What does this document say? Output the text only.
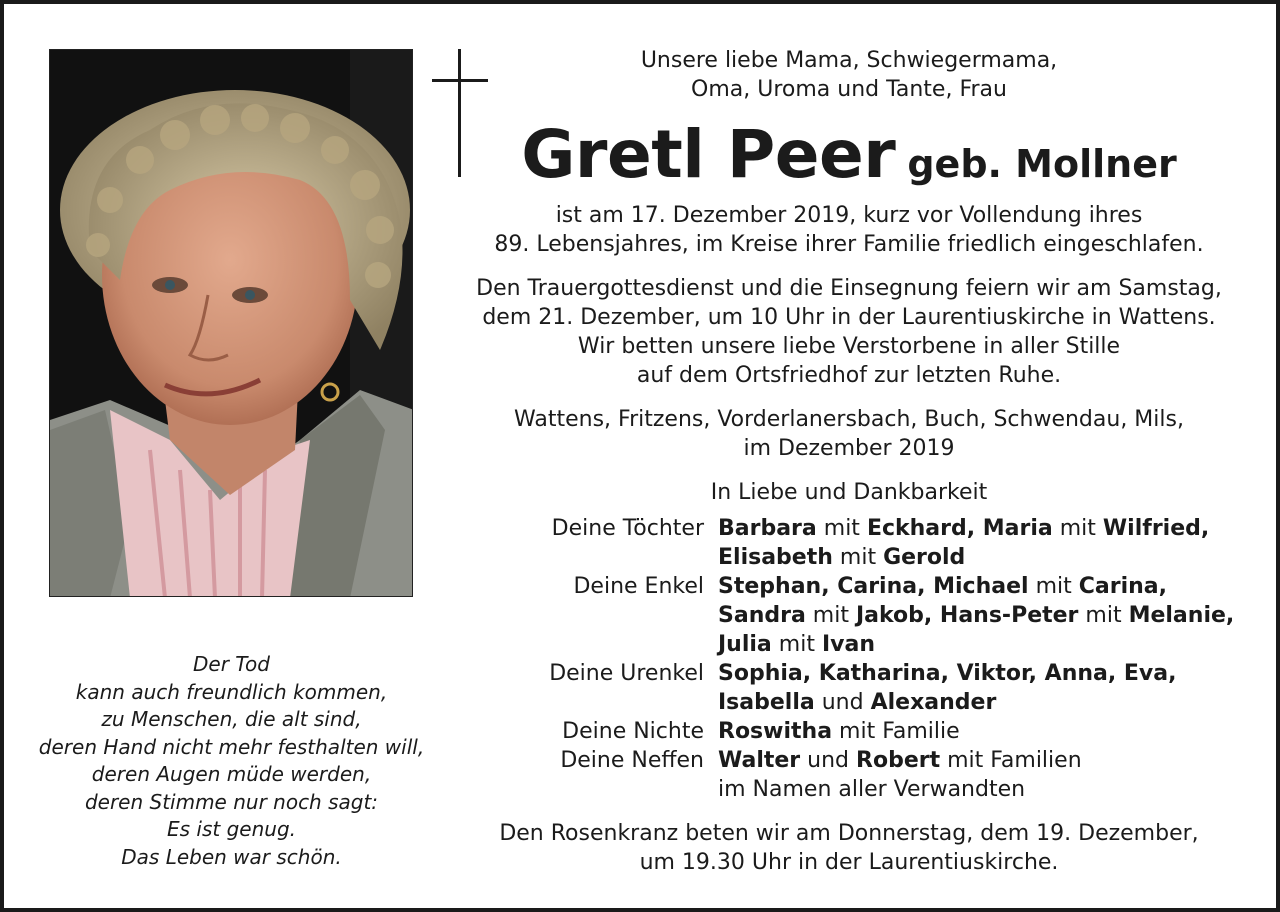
Unsere liebe Mama, Schwiegermama,
Oma, Uroma und Tante, Frau
Gretl Peer geb. Mollner
ist am 17. Dezember 2019, kurz vor Vollendung ihres
89. Lebensjahres, im Kreise ihrer Familie friedlich eingeschlafen.
Den Trauergottesdienst und die Einsegnung feiern wir am Samstag,
dem 21. Dezember, um 10 Uhr in der Laurentiuskirche in Wattens.
Wir betten unsere liebe Verstorbene in aller Stille
auf dem Ortsfriedhof zur letzten Ruhe.
Wattens, Fritzens, Vorderlanersbach, Buch, Schwendau, Mils,
im Dezember 2019
In Liebe und Dankbarkeit
Deine Töchter Barbara mit Eckhard, Maria mit Wilfried,
Elisabeth mit Gerold
Deine Enkel Stephan, Carina, Michael mit Carina,
Sandra mit Jakob, Hans-Peter mit Melanie,
Julia mit Ivan
Deine Urenkel Sophia, Katharina, Viktor, Anna, Eva,
Isabella und Alexander
Deine Nichte Roswitha mit Familie
Deine Neffen Walter und Robert mit Familien
im Namen aller Verwandten
Den Rosenkranz beten wir am Donnerstag, dem 19. Dezember,
um 19.30 Uhr in der Laurentiuskirche.
Der Tod
kann auch freundlich kommen,
zu Menschen, die alt sind,
deren Hand nicht mehr festhalten will,
deren Augen müde werden,
deren Stimme nur noch sagt:
Es ist genug.
Das Leben war schön.
